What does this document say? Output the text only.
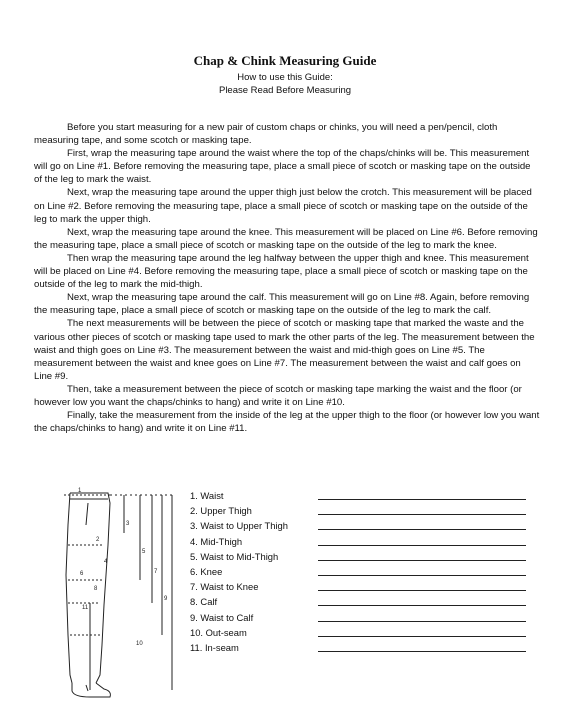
Chap & Chink Measuring Guide
How to use this Guide:
Please Read Before Measuring

Before you start measuring for a new pair of custom chaps or chinks, you will need a pen/pencil, cloth measuring tape, and some scotch or masking tape.

First, wrap the measuring tape around the waist where the top of the chaps/chinks will be. This measurement will go on Line #1. Before removing the measuring tape, place a small piece of scotch or masking tape on the outside of the leg to mark the waist.

Next, wrap the measuring tape around the upper thigh just below the crotch. This measurement will be placed on Line #2. Before removing the measuring tape, place a small piece of scotch or masking tape on the outside of the leg to mark the upper thigh.

Next, wrap the measuring tape around the knee. This measurement will be placed on Line #6. Before removing the measuring tape, place a small piece of scotch or masking tape on the outside of the leg to mark the knee.

Then wrap the measuring tape around the leg halfway between the upper thigh and knee. This measurement will be placed on Line #4. Before removing the measuring tape, place a small piece of scotch or masking tape on the outside of the leg to mark the mid-thigh.

Next, wrap the measuring tape around the calf. This measurement will go on Line #8. Again, before removing the measuring tape, place a small piece of scotch or masking tape on the outside of the leg to mark the calf.

The next measurements will be between the piece of scotch or masking tape that marked the waste and the various other pieces of scotch or masking tape used to mark the other parts of the leg. The measurement between the waist and thigh goes on Line #3. The measurement between the waist and mid-thigh goes on Line #5. The measurement between the waist and knee goes on Line #7. The measurement between the waist and calf goes on Line #9.

Then, take a measurement between the piece of scotch or masking tape marking the waist and the floor (or however low you want the chaps/chinks to hang) and write it on Line #10.

Finally, take the measurement from the inside of the leg at the upper thigh to the floor (or however low you want the chaps/chinks to hang) and write it on Line #11.

1
2
3
4
5
6	7
8
9
10
11
1. Waist
2. Upper Thigh
3. Waist to Upper Thigh
4. Mid-Thigh
5. Waist to Mid-Thigh
6. Knee
7. Waist to Knee
8. Calf
9. Waist to Calf
10. Out-seam
11. In-seam
